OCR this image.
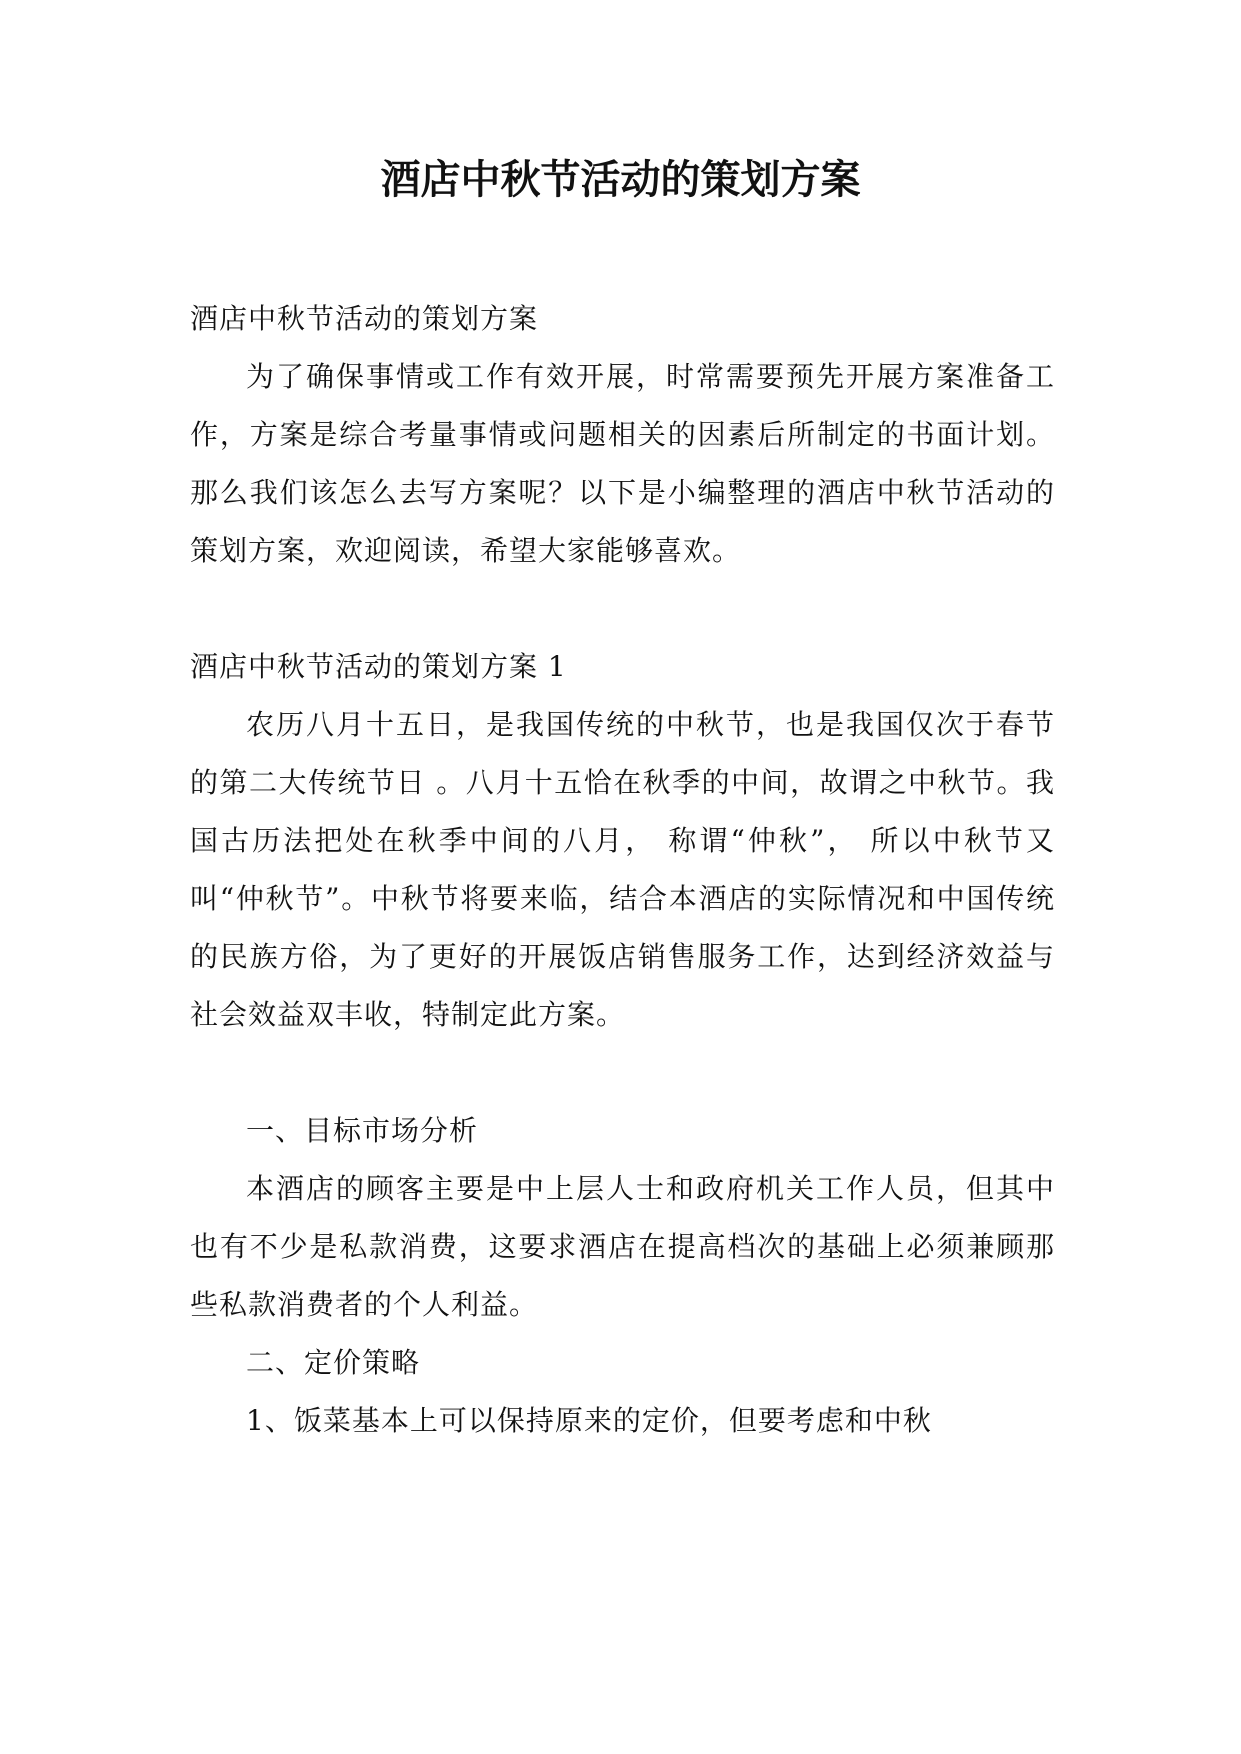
酒店中秋节活动的策划方案

酒店中秋节活动的策划方案

为了确保事情或工作有效开展，时常需要预先开展方案准备工作，方案是综合考量事情或问题相关的因素后所制定的书面计划。那么我们该怎么去写方案呢？以下是小编整理的酒店中秋节活动的策划方案，欢迎阅读，希望大家能够喜欢。

酒店中秋节活动的策划方案 1

农历八月十五日，是我国传统的中秋节，也是我国仅次于春节的第二大传统节日 。八月十五恰在秋季的中间，故谓之中秋节。我国古历法把处在秋季中间的八月， 称谓“仲秋”， 所以中秋节又叫“仲秋节”。中秋节将要来临，结合本酒店的实际情况和中国传统的民族方俗，为了更好的开展饭店销售服务工作，达到经济效益与社会效益双丰收，特制定此方案。

一、目标市场分析

本酒店的顾客主要是中上层人士和政府机关工作人员，但其中也有不少是私款消费，这要求酒店在提高档次的基础上必须兼顾那些私款消费者的个人利益。

二、定价策略

1、饭菜基本上可以保持原来的定价，但要考虑和中秋
